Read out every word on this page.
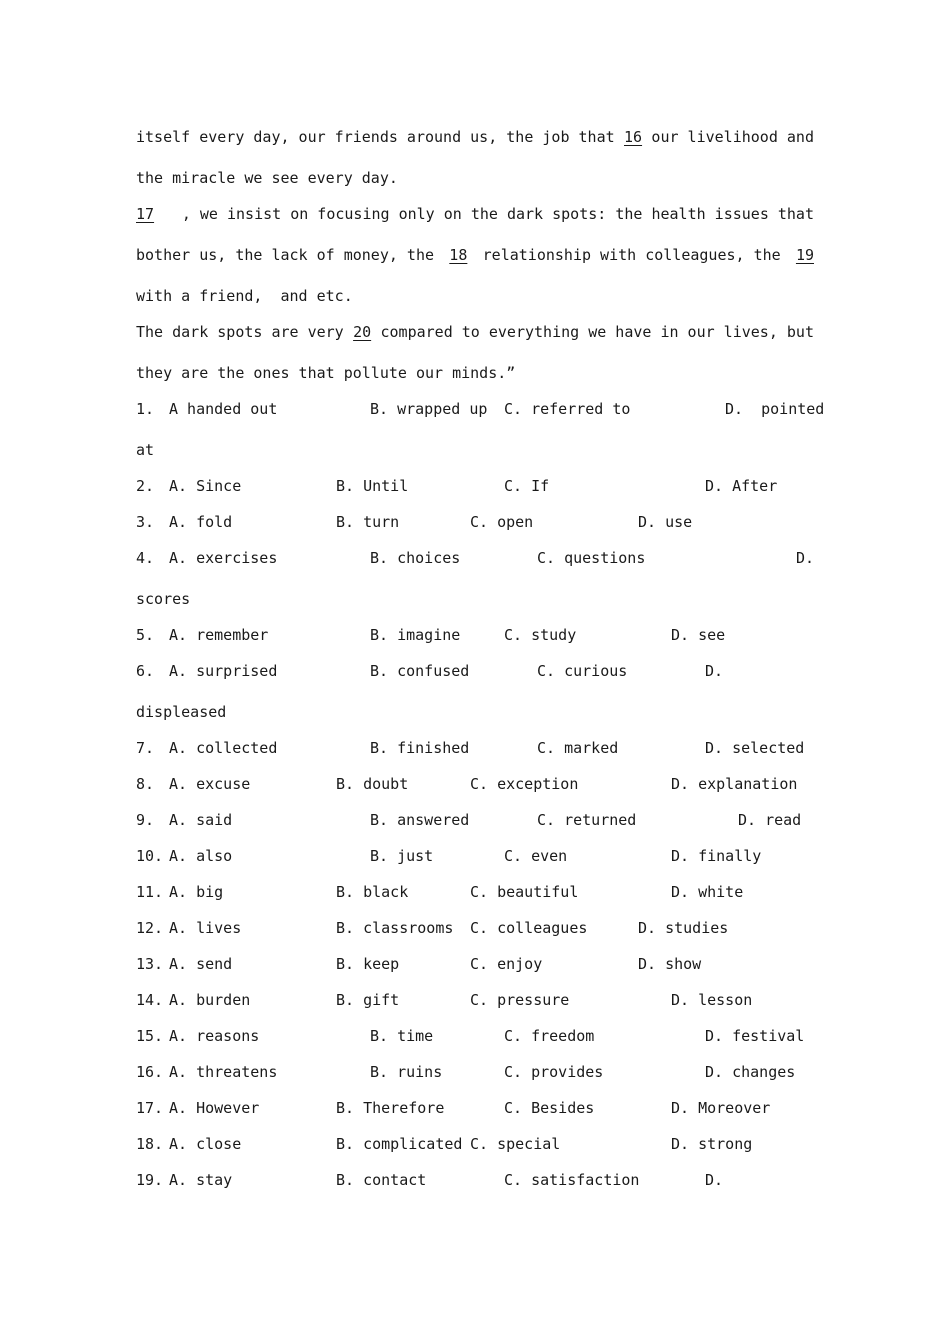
itself every day, our friends around us, the job that 16 our livelihood and
the miracle we see every day.
17 , we insist on focusing only on the dark spots: the health issues that
bother us, the lack of money, the 18 relationship with colleagues, the 19
with a friend,  and etc.
The dark spots are very 20 compared to everything we have in our lives, but
they are the ones that pollute our minds.”
1. A handed out	B. wrapped up C. referred to	D.  pointed
at
2. A. Since	B. Until	C. If	D. After
3. A. fold	B. turn	C. open	D. use
4. A. exercises	B. choices	C. questions	D.
scores
5. A. remember	B. imagine	C. study	D. see
6. A. surprised	B. confused	C. curious	D.
displeased
7. A. collected	B. finished	C. marked	D. selected
8. A. excuse	B. doubt	C. exception	D. explanation
9. A. said	B. answered	C. returned	D. read
10. A. also	B. just	C. even	D. finally
11. A. big	B. black	C. beautiful	D. white
12. A. lives	B. classrooms C. colleagues	D. studies
13. A. send	B. keep	C. enjoy	D. show
14. A. burden	B. gift	C. pressure	D. lesson
15. A. reasons	B. time	C. freedom	D. festival
16. A. threatens	B. ruins	C. provides	D. changes
17. A. However	B. Therefore	C. Besides	D. Moreover
18. A. close	B. complicated C. special	D. strong
19. A. stay	B. contact	C. satisfaction	D.
